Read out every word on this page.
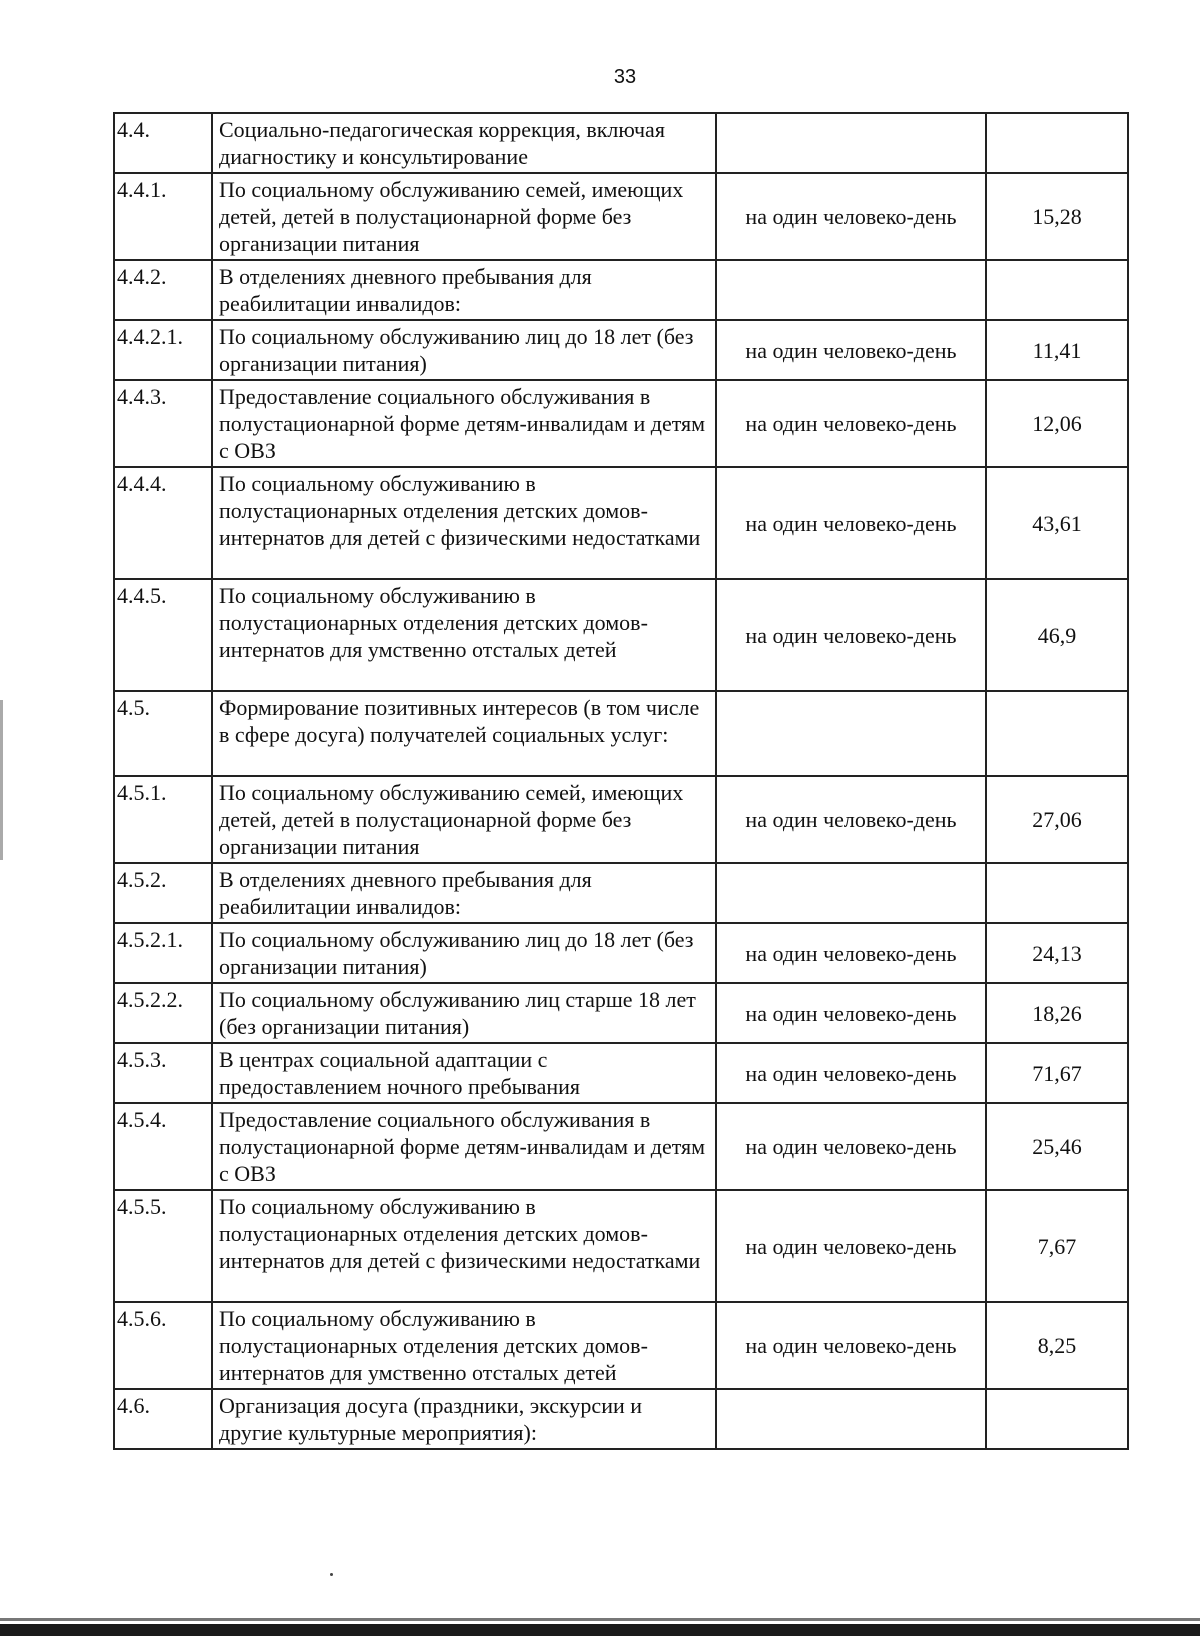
33
4.4.	Социально-педагогическая коррекция, включая диагностику и консультирование		
4.4.1.	По социальному обслуживанию семей, имеющих детей, детей в полустационарной форме без организации питания	на один человеко-день	15,28
4.4.2.	В отделениях дневного пребывания для реабилитации инвалидов:		
4.4.2.1.	По социальному обслуживанию лиц до 18 лет (без организации питания)	на один человеко-день	11,41
4.4.3.	Предоставление социального обслуживания в полустационарной форме детям-инвалидам и детям с ОВЗ	на один человеко-день	12,06
4.4.4.	По социальному обслуживанию в полустационарных отделения детских домов-интернатов для детей с физическими недостатками	на один человеко-день	43,61
4.4.5.	По социальному обслуживанию в полустационарных отделения детских домов-интернатов для умственно отсталых детей	на один человеко-день	46,9
4.5.	Формирование позитивных интересов (в том числе в сфере досуга) получателей социальных услуг:		
4.5.1.	По социальному обслуживанию семей, имеющих детей, детей в полустационарной форме без организации питания	на один человеко-день	27,06
4.5.2.	В отделениях дневного пребывания для реабилитации инвалидов:		
4.5.2.1.	По социальному обслуживанию лиц до 18 лет (без организации питания)	на один человеко-день	24,13
4.5.2.2.	По социальному обслуживанию лиц старше 18 лет (без организации питания)	на один человеко-день	18,26
4.5.3.	В центрах социальной адаптации с предоставлением ночного пребывания	на один человеко-день	71,67
4.5.4.	Предоставление социального обслуживания в полустационарной форме детям-инвалидам и детям с ОВЗ	на один человеко-день	25,46
4.5.5.	По социальному обслуживанию в полустационарных отделения детских домов-интернатов для детей с физическими недостатками	на один человеко-день	7,67
4.5.6.	По социальному обслуживанию в полустационарных отделения детских домов-интернатов для умственно отсталых детей	на один человеко-день	8,25
4.6.	Организация досуга (праздники, экскурсии и другие культурные мероприятия):		
